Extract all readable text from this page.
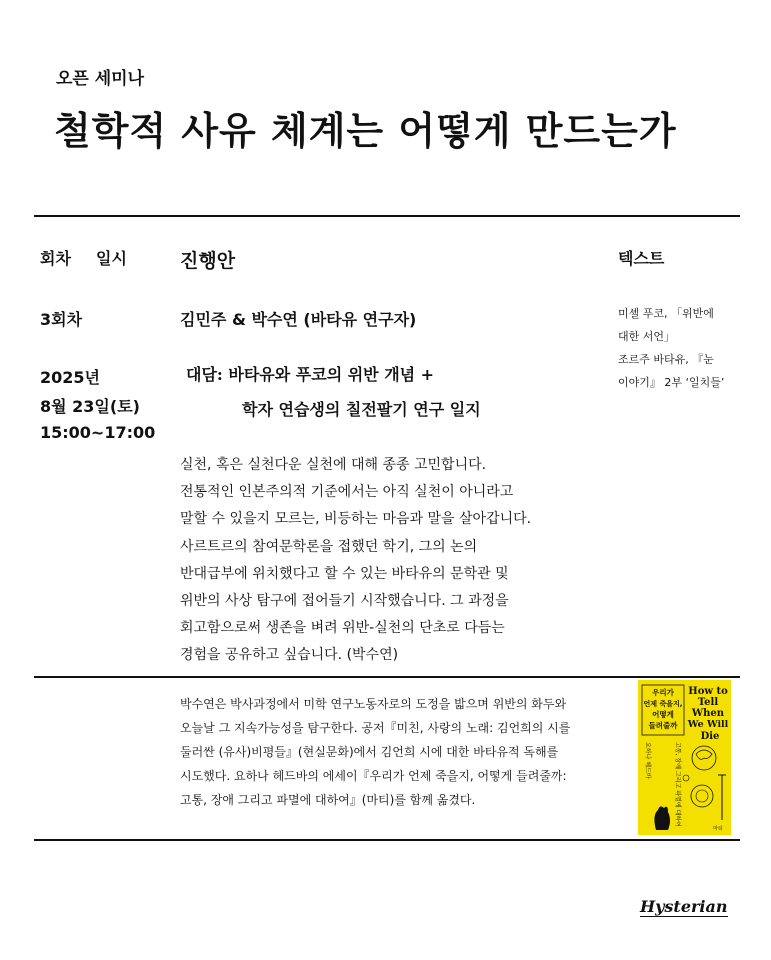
오픈 세미나
철학적 사유 체계는 어떻게 만드는가
회차 일시	진행안	텍스트
3회차
2025년
8월 23일(토)
15:00~17:00
김민주 & 박수연 (바타유 연구자)
대담: 바타유와 푸코의 위반 개념 +
학자 연습생의 칠전팔기 연구 일지
실천, 혹은 실천다운 실천에 대해 종종 고민합니다.
전통적인 인본주의적 기준에서는 아직 실천이 아니라고
말할 수 있을지 모르는, 비등하는 마음과 말을 살아갑니다.
사르트르의 참여문학론을 접했던 학기, 그의 논의
반대급부에 위치했다고 할 수 있는 바타유의 문학관 및
위반의 사상 탐구에 접어들기 시작했습니다. 그 과정을
회고함으로써 생존을 벼려 위반-실천의 단초로 다듬는
경험을 공유하고 싶습니다. (박수연)
미셸 푸코, 「위반에
대한 서언」
조르주 바타유, 『눈
이야기』 2부 ‘일치들’
박수연은 박사과정에서 미학 연구노동자로의 도정을 밟으며 위반의 화두와
오늘날 그 지속가능성을 탐구한다. 공저『미친, 사랑의 노래: 김언희의 시를
둘러싼 (유사)비평들』(현실문화)에서 김언희 시에 대한 바타유적 독해를
시도했다. 요하나 헤드바의 에세이『우리가 언제 죽을지, 어떻게 들려줄까:
고통, 장애 그리고 파멸에 대하여』(마티)를 함께 옮겼다.
우리가
언제 죽을지,
어떻게
들려줄까
How to
Tell
When
We Will
Die
고통, 장애 그리고 파멸에 대하여
요하나 헤드바
마티
Hysterian
